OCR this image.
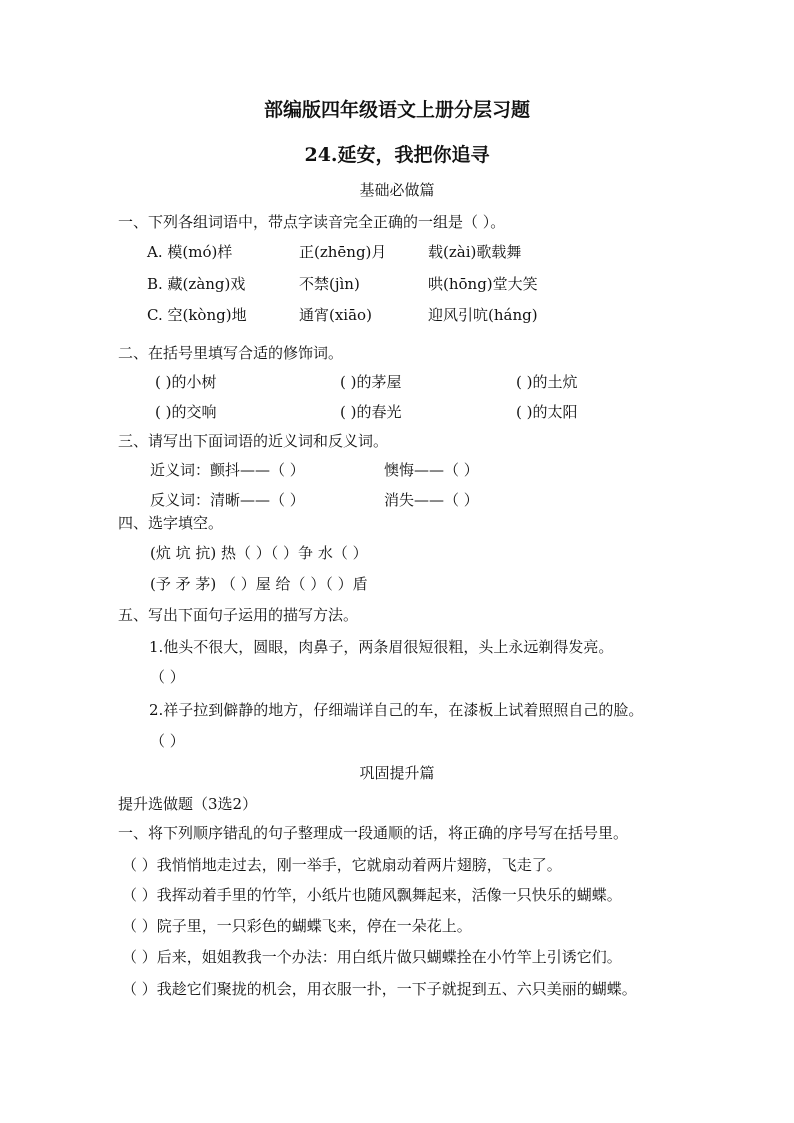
部编版四年级语文上册分层习题
24.延安，我把你追寻
基础必做篇
一、下列各组词语中，带点字读音完全正确的一组是（ ）。
A. 模(mó)样	正(zhēng)月	载(zài)歌载舞
B. 藏(zàng)戏	不禁(jìn)	哄(hōng)堂大笑
C. 空(kòng)地	通宵(xiāo)	迎风引吭(háng)
二、在括号里填写合适的修饰词。
( )的小树	( )的茅屋	( )的土炕
( )的交响	( )的春光	( )的太阳
三、请写出下面词语的近义词和反义词。
近义词：颤抖——（ ）	懊悔——（ ）
反义词：清晰——（ ）	消失——（ ）
四、选字填空。
(炕 坑 抗) 热（ ）（ ）争 水（ ）
(予 矛 茅) （ ）屋 给（ ）（ ）盾
五、写出下面句子运用的描写方法。
1.他头不很大，圆眼，肉鼻子，两条眉很短很粗，头上永远剃得发亮。
（ ）
2.祥子拉到僻静的地方，仔细端详自己的车，在漆板上试着照照自己的脸。
（ ）
巩固提升篇
提升选做题（3选2）
一、将下列顺序错乱的句子整理成一段通顺的话，将正确的序号写在括号里。
（ ）我悄悄地走过去，刚一举手，它就扇动着两片翅膀，飞走了。
（ ）我挥动着手里的竹竿，小纸片也随风飘舞起来，活像一只快乐的蝴蝶。
（ ）院子里，一只彩色的蝴蝶飞来，停在一朵花上。
（ ）后来，姐姐教我一个办法：用白纸片做只蝴蝶拴在小竹竿上引诱它们。
（ ）我趁它们聚拢的机会，用衣服一扑，一下子就捉到五、六只美丽的蝴蝶。
